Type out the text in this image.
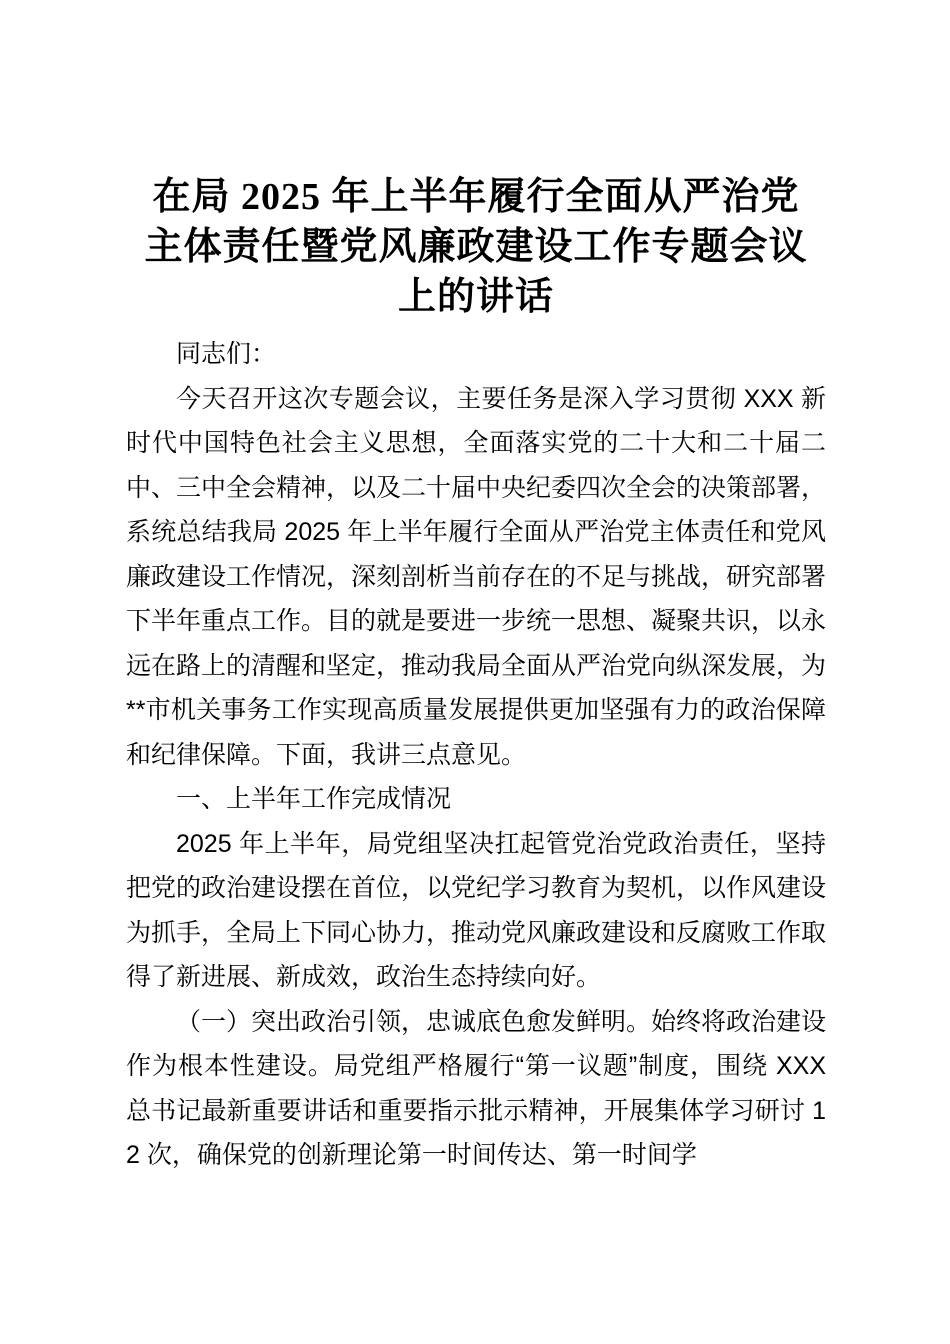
在局 2025 年上半年履行全面从严治党
主体责任暨党风廉政建设工作专题会议
上的讲话

同志们：

今天召开这次专题会议，主要任务是深入学习贯彻 XXX 新时代中国特色社会主义思想，全面落实党的二十大和二十届二中、三中全会精神，以及二十届中央纪委四次全会的决策部署，系统总结我局 2025 年上半年履行全面从严治党主体责任和党风廉政建设工作情况，深刻剖析当前存在的不足与挑战，研究部署下半年重点工作。目的就是要进一步统一思想、凝聚共识，以永远在路上的清醒和坚定，推动我局全面从严治党向纵深发展，为**市机关事务工作实现高质量发展提供更加坚强有力的政治保障和纪律保障。下面，我讲三点意见。

一、上半年工作完成情况

2025 年上半年，局党组坚决扛起管党治党政治责任，坚持把党的政治建设摆在首位，以党纪学习教育为契机，以作风建设为抓手，全局上下同心协力，推动党风廉政建设和反腐败工作取得了新进展、新成效，政治生态持续向好。

（一）突出政治引领，忠诚底色愈发鲜明。始终将政治建设作为根本性建设。局党组严格履行“第一议题”制度，围绕 XXX 总书记最新重要讲话和重要指示批示精神，开展集体学习研讨 12 次，确保党的创新理论第一时间传达、第一时间学
